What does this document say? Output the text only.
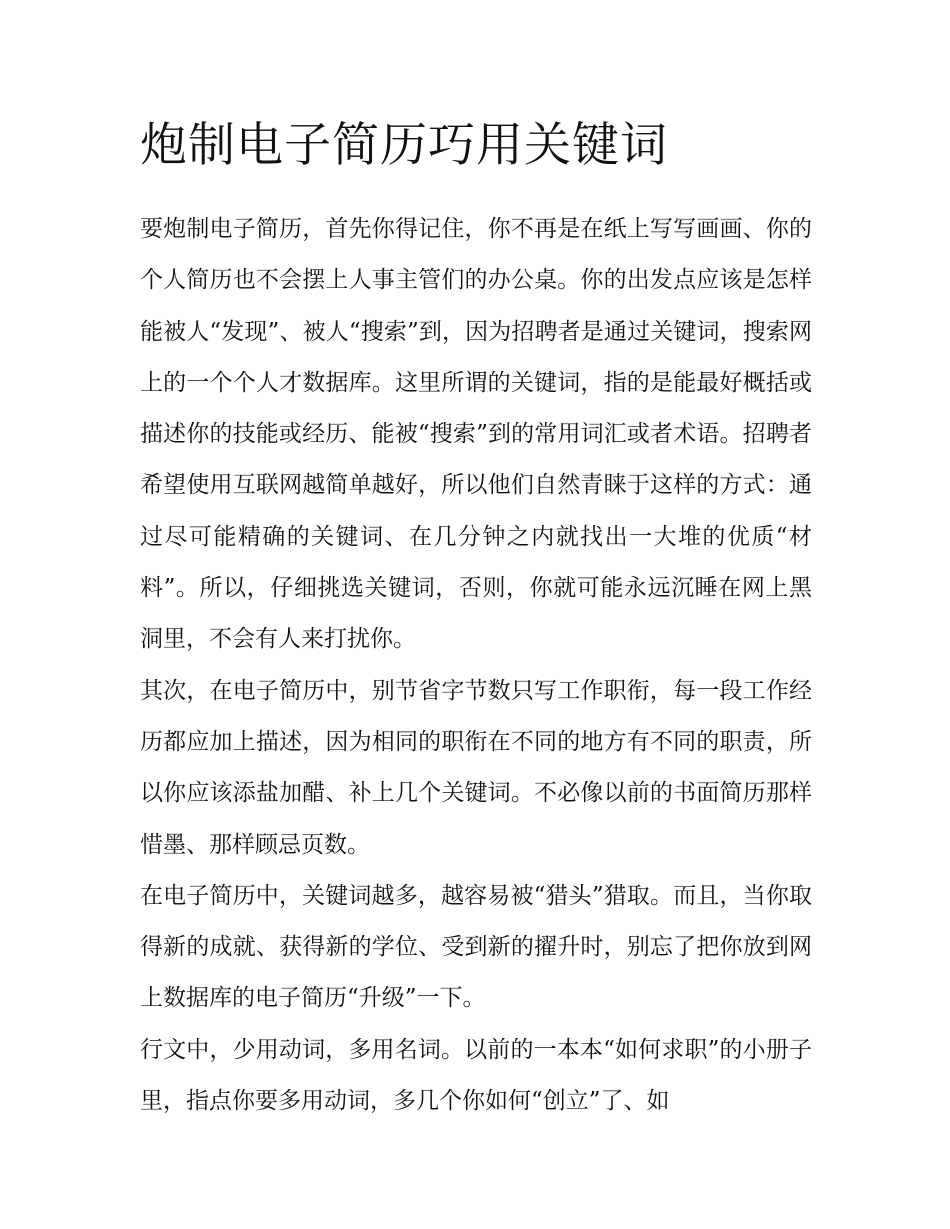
炮制电子简历巧用关键词

要炮制电子简历，首先你得记住，你不再是在纸上写写画画、你的个人简历也不会摆上人事主管们的办公桌。你的出发点应该是怎样能被人“发现”、被人“搜索”到，因为招聘者是通过关键词，搜索网上的一个个人才数据库。这里所谓的关键词，指的是能最好概括或描述你的技能或经历、能被“搜索”到的常用词汇或者术语。招聘者希望使用互联网越简单越好，所以他们自然青睐于这样的方式：通过尽可能精确的关键词、在几分钟之内就找出一大堆的优质“材料”。所以，仔细挑选关键词，否则，你就可能永远沉睡在网上黑洞里，不会有人来打扰你。

其次，在电子简历中，别节省字节数只写工作职衔，每一段工作经历都应加上描述，因为相同的职衔在不同的地方有不同的职责，所以你应该添盐加醋、补上几个关键词。不必像以前的书面简历那样惜墨、那样顾忌页数。

在电子简历中，关键词越多，越容易被“猎头”猎取。而且，当你取得新的成就、获得新的学位、受到新的擢升时，别忘了把你放到网上数据库的电子简历“升级”一下。

行文中，少用动词，多用名词。以前的一本本“如何求职”的小册子里，指点你要多用动词，多几个你如何“创立”了、如
